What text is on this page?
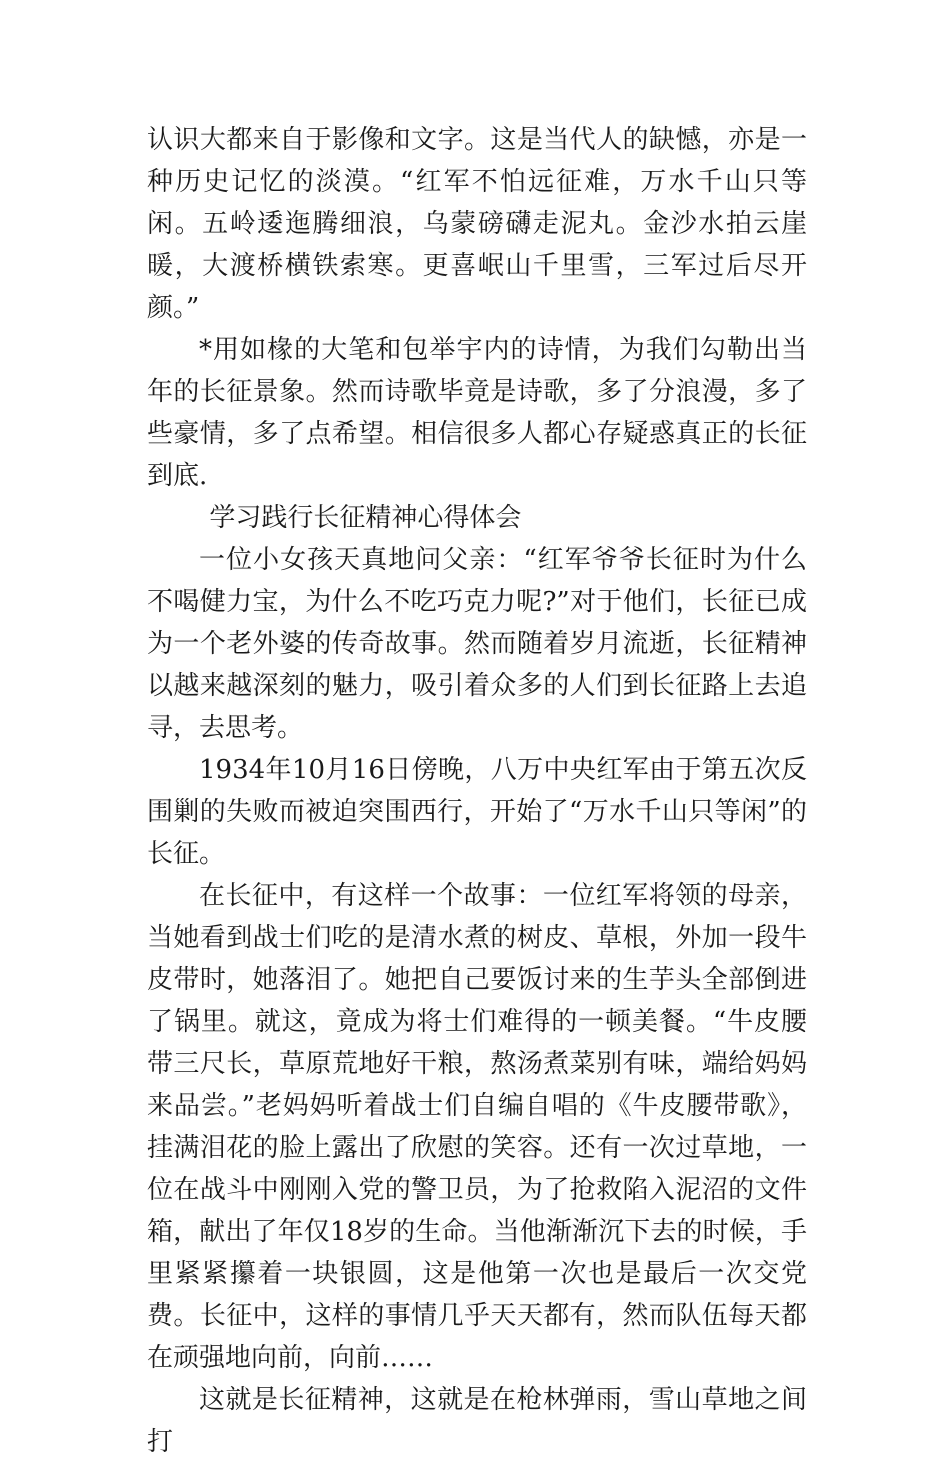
认识大都来自于影像和文字。这是当代人的缺憾，亦是一种历史记忆的淡漠。“红军不怕远征难，万水千山只等闲。五岭逶迤腾细浪，乌蒙磅礴走泥丸。金沙水拍云崖暖，大渡桥横铁索寒。更喜岷山千里雪，三军过后尽开颜。”

*用如椽的大笔和包举宇内的诗情，为我们勾勒出当年的长征景象。然而诗歌毕竟是诗歌，多了分浪漫，多了些豪情，多了点希望。相信很多人都心存疑惑真正的长征到底.

学习践行长征精神心得体会

一位小女孩天真地问父亲：“红军爷爷长征时为什么不喝健力宝，为什么不吃巧克力呢?”对于他们，长征已成为一个老外婆的传奇故事。然而随着岁月流逝，长征精神以越来越深刻的魅力，吸引着众多的人们到长征路上去追寻，去思考。

1934年10月16日傍晚，八万中央红军由于第五次反围剿的失败而被迫突围西行，开始了“万水千山只等闲”的长征。

在长征中，有这样一个故事：一位红军将领的母亲，当她看到战士们吃的是清水煮的树皮、草根，外加一段牛皮带时，她落泪了。她把自己要饭讨来的生芋头全部倒进了锅里。就这，竟成为将士们难得的一顿美餐。“牛皮腰带三尺长，草原荒地好干粮，熬汤煮菜别有味，端给妈妈来品尝。”老妈妈听着战士们自编自唱的《牛皮腰带歌》，挂满泪花的脸上露出了欣慰的笑容。还有一次过草地，一位在战斗中刚刚入党的警卫员，为了抢救陷入泥沼的文件箱，献出了年仅18岁的生命。当他渐渐沉下去的时候，手里紧紧攥着一块银圆，这是他第一次也是最后一次交党费。长征中，这样的事情几乎天天都有，然而队伍每天都在顽强地向前，向前……

这就是长征精神，这就是在枪林弹雨，雪山草地之间打
